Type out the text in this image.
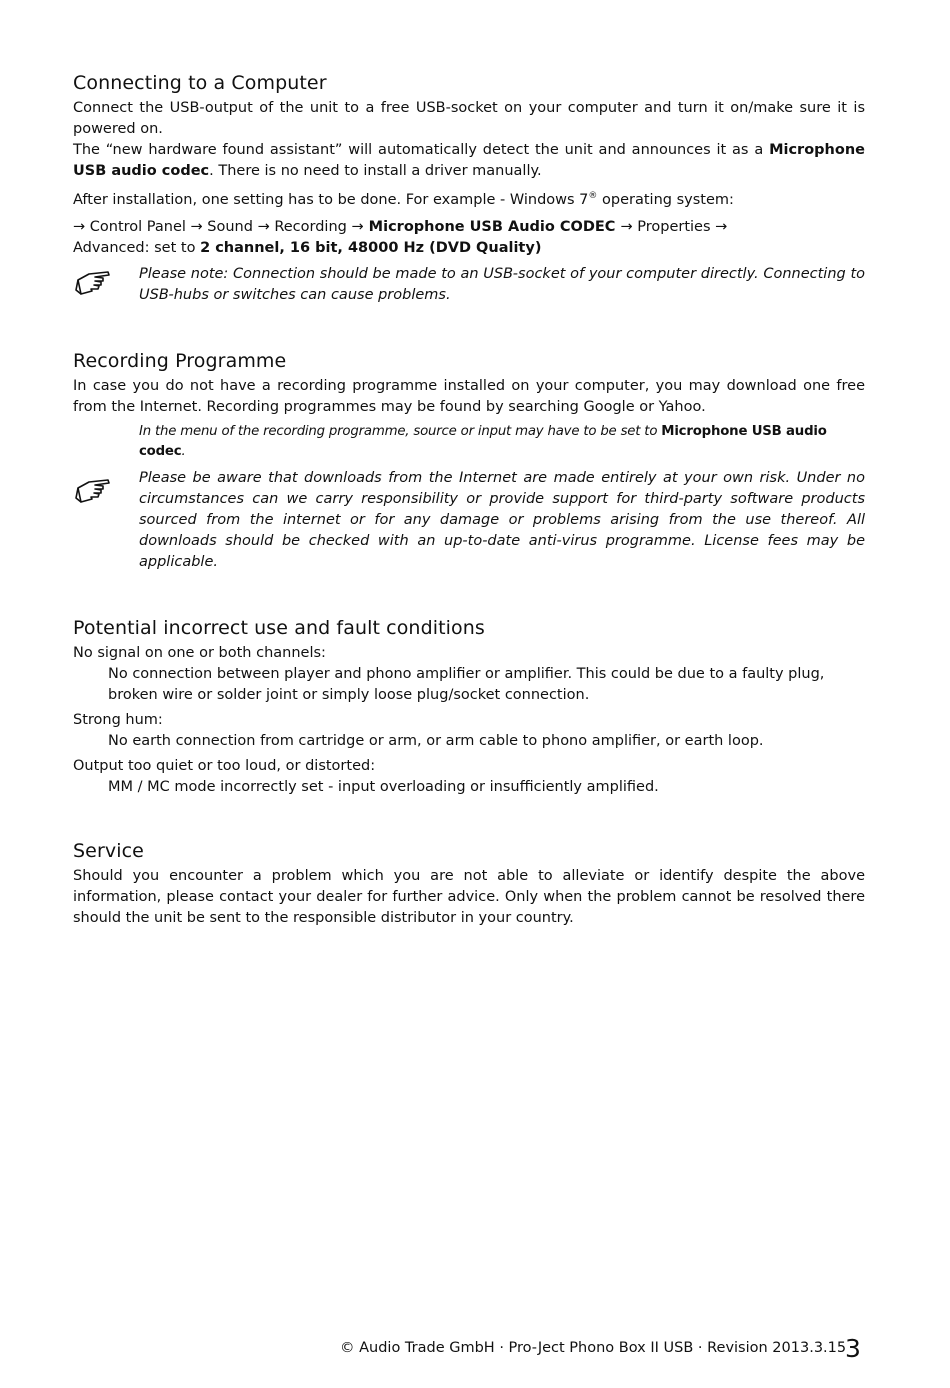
Connecting to a Computer

Connect the USB-output of the unit to a free USB-socket on your computer and turn it on/make sure it is powered on.

The “new hardware found assistant” will automatically detect the unit and announces it as a Microphone USB audio codec. There is no need to install a driver manually.

After installation, one setting has to be done. For example - Windows 7® operating system:

→ Control Panel → Sound → Recording → Microphone USB Audio CODEC → Properties →
Advanced: set to 2 channel, 16 bit, 48000 Hz (DVD Quality)

Please note: Connection should be made to an USB-socket of your computer directly. Connecting to USB-hubs or switches can cause problems.

Recording Programme

In case you do not have a recording programme installed on your computer, you may download one free from the Internet. Recording programmes may be found by searching Google or Yahoo.

In the menu of the recording programme, source or input may have to be set to Microphone USB audio codec.

Please be aware that downloads from the Internet are made entirely at your own risk. Under no circumstances can we carry responsibility or provide support for third-party software products sourced from the internet or for any damage or problems arising from the use thereof. All downloads should be checked with an up-to-date anti-virus programme. License fees may be applicable.

Potential incorrect use and fault conditions

No signal on one or both channels:

No connection between player and phono amplifier or amplifier. This could be due to a faulty plug, broken wire or solder joint or simply loose plug/socket connection.

Strong hum:

No earth connection from cartridge or arm, or arm cable to phono amplifier, or earth loop.

Output too quiet or too loud, or distorted:

MM / MC mode incorrectly set - input overloading or insufficiently amplified.

Service

Should you encounter a problem which you are not able to alleviate or identify despite the above information, please contact your dealer for further advice. Only when the problem cannot be resolved there should the unit be sent to the responsible distributor in your country.

© Audio Trade GmbH · Pro-Ject Phono Box II USB · Revision 2013.3.15
3
